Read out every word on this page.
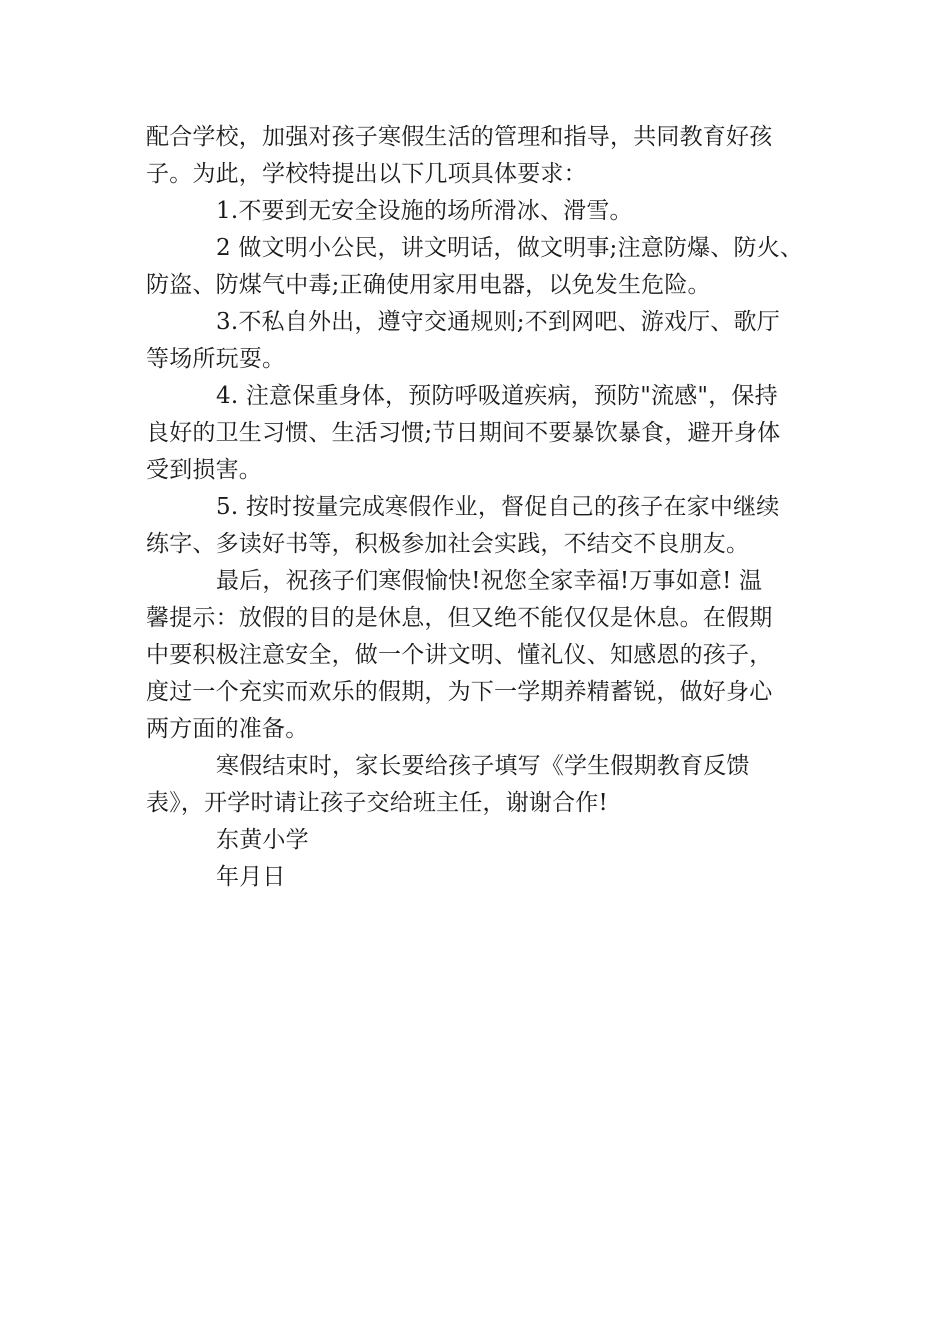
配合学校，加强对孩子寒假生活的管理和指导，共同教育好孩
子。为此，学校特提出以下几项具体要求：
1.不要到无安全设施的场所滑冰、滑雪。
2 做文明小公民，讲文明话，做文明事;注意防爆、防火、
防盗、防煤气中毒;正确使用家用电器，以免发生危险。
3.不私自外出，遵守交通规则;不到网吧、游戏厅、歌厅
等场所玩耍。
4. 注意保重身体，预防呼吸道疾病，预防"流感"，保持
良好的卫生习惯、生活习惯;节日期间不要暴饮暴食，避开身体
受到损害。
5. 按时按量完成寒假作业，督促自己的孩子在家中继续
练字、多读好书等，积极参加社会实践，不结交不良朋友。
最后，祝孩子们寒假愉快!祝您全家幸福!万事如意! 温
馨提示：放假的目的是休息，但又绝不能仅仅是休息。在假期
中要积极注意安全，做一个讲文明、懂礼仪、知感恩的孩子，
度过一个充实而欢乐的假期，为下一学期养精蓄锐，做好身心
两方面的准备。
寒假结束时，家长要给孩子填写《学生假期教育反馈
表》，开学时请让孩子交给班主任，谢谢合作!
东黄小学
年月日
